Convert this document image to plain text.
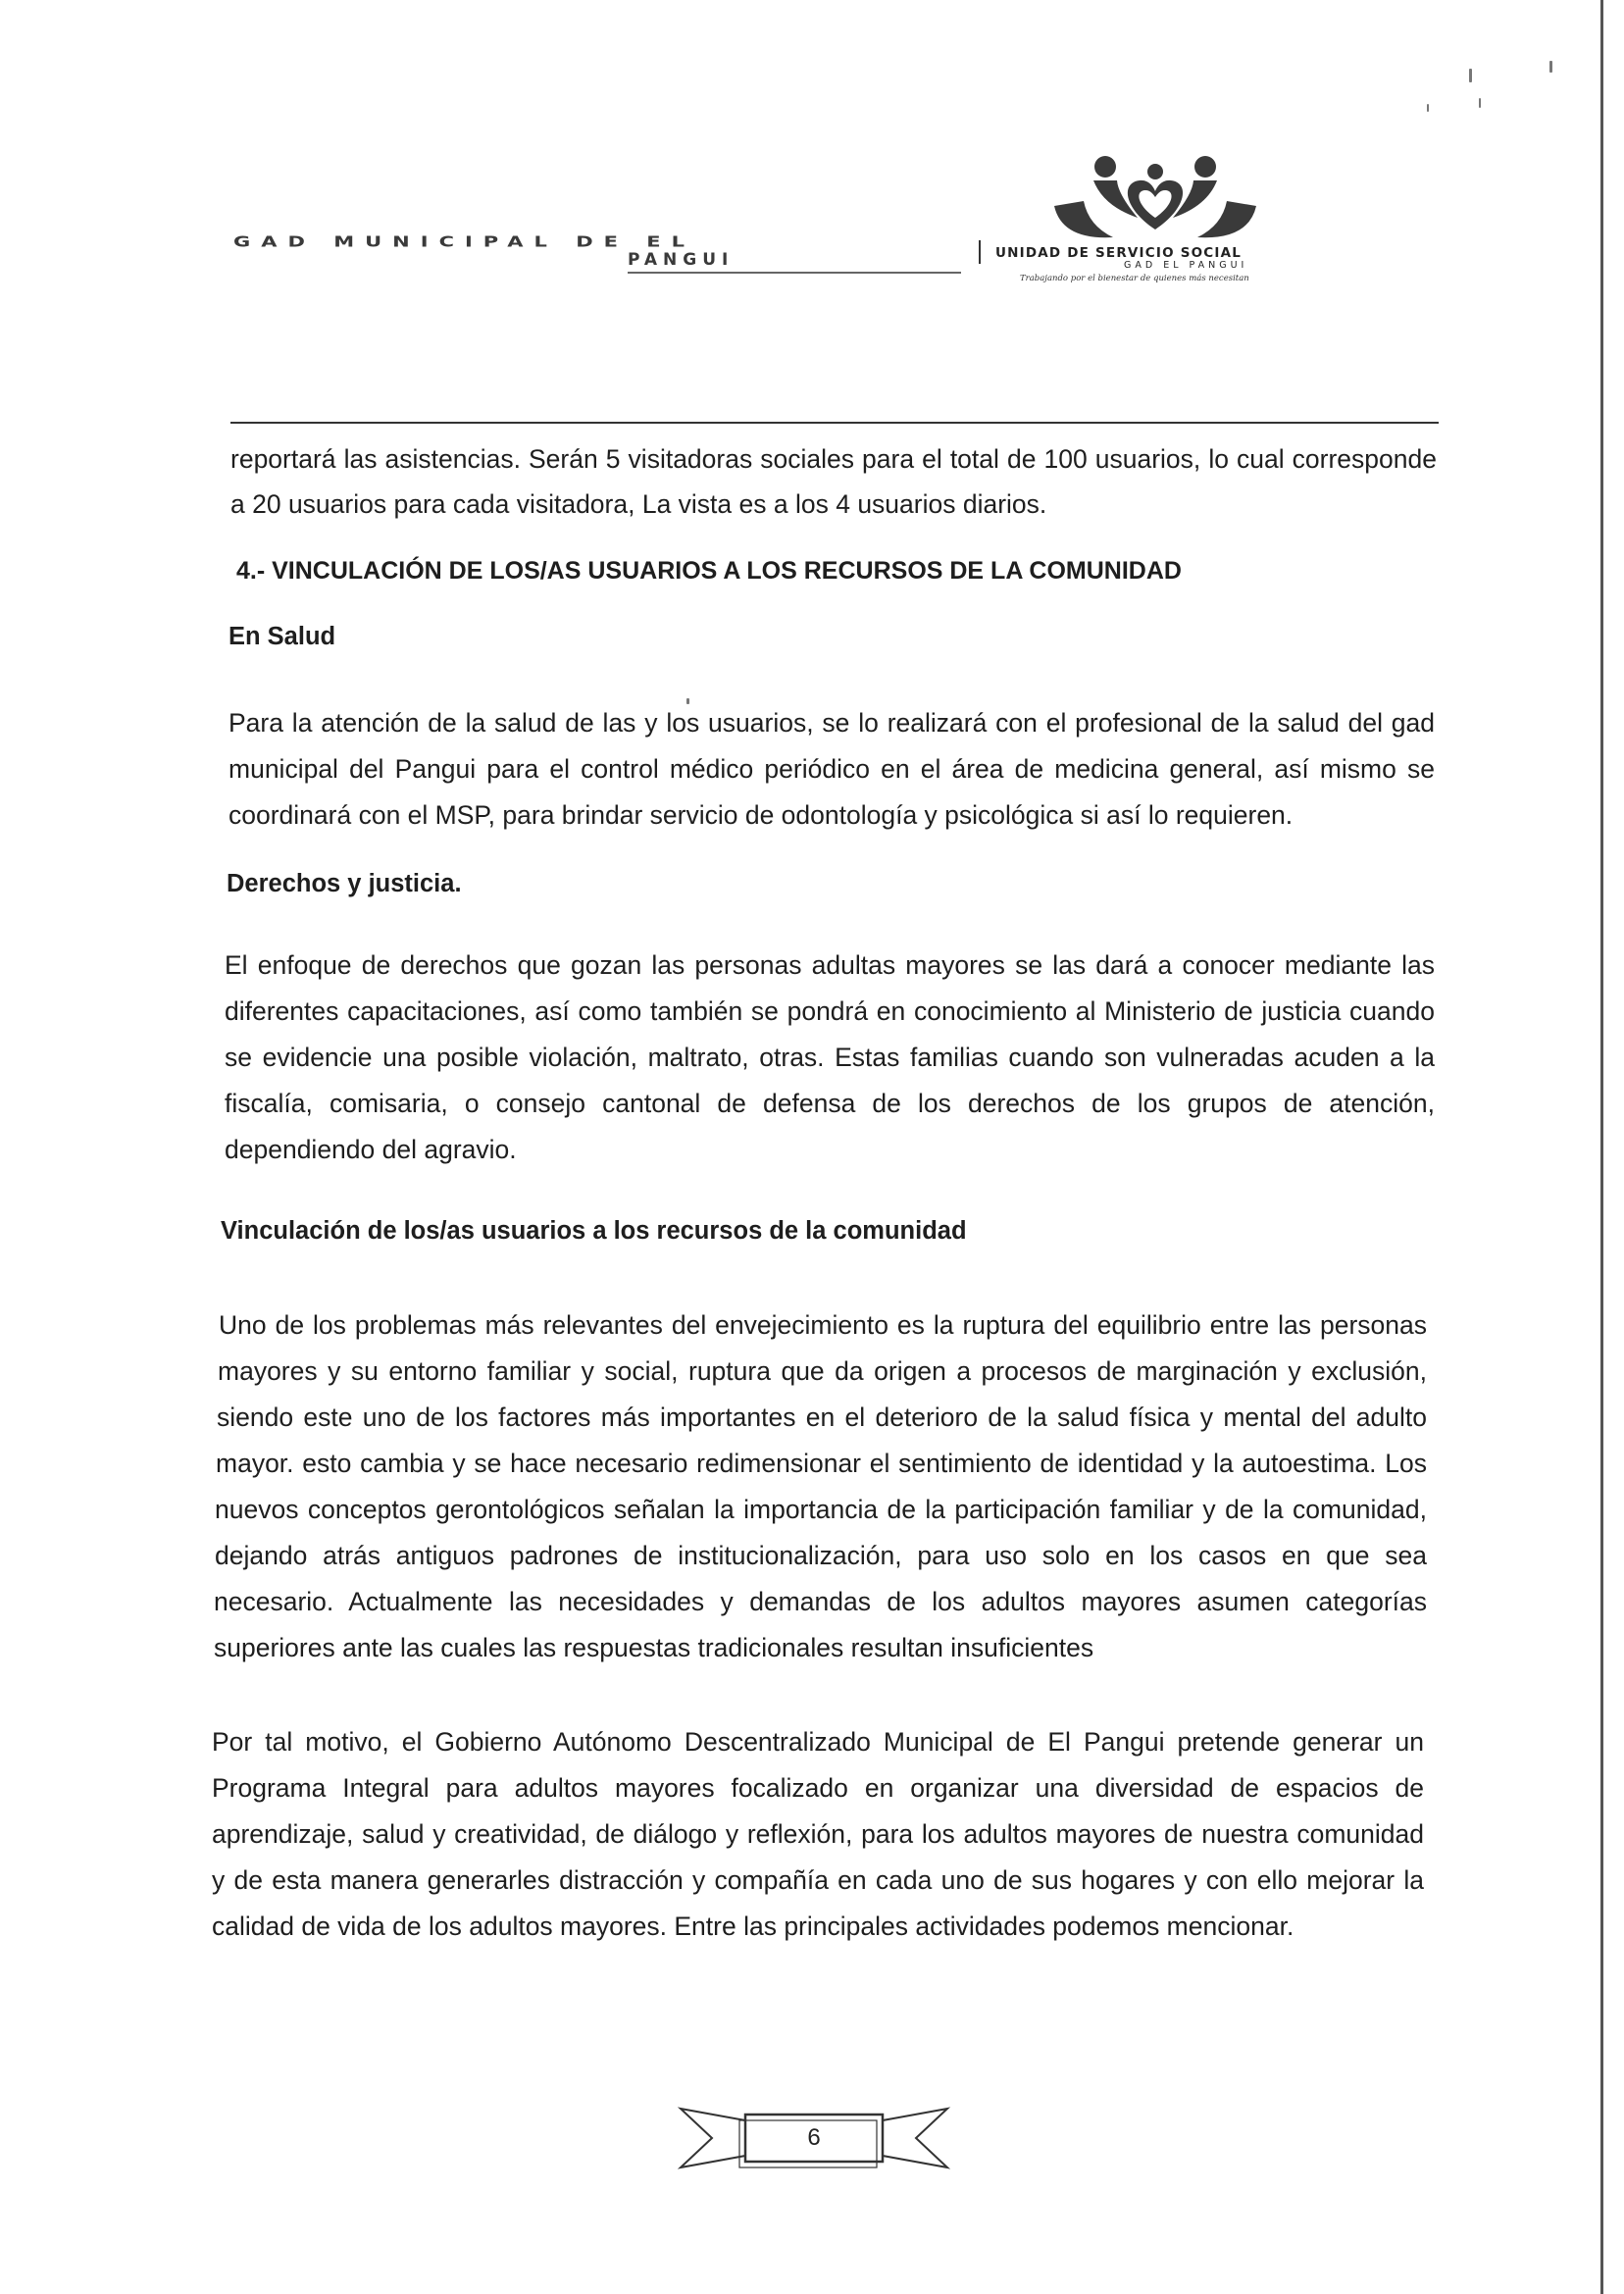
GAD MUNICIPAL DE EL
PANGUI	UNIDAD DE SERVICIO SOCIAL
GAD EL PANGUI
Trabajando por el bienestar de quienes más necesitan
reportará las asistencias. Serán 5 visitadoras sociales para el total de 100 usuarios, lo cual corresponde
a 20 usuarios para cada visitadora, La vista es a los 4 usuarios diarios.
4.- VINCULACIÓN DE LOS/AS USUARIOS A LOS RECURSOS DE LA COMUNIDAD
En Salud
Para la atención de la salud de las y los usuarios, se lo realizará con el profesional de la salud del gad
municipal del Pangui para el control médico periódico en el área de medicina general, así mismo se
coordinará con el MSP, para brindar servicio de odontología y psicológica si así lo requieren.
Derechos y justicia.
El enfoque de derechos que gozan las personas adultas mayores se las dará a conocer mediante las
diferentes capacitaciones, así como también se pondrá en conocimiento al Ministerio de justicia cuando
se evidencie una posible violación, maltrato, otras. Estas familias cuando son vulneradas acuden a la
fiscalía, comisaria, o consejo cantonal de defensa de los derechos de los grupos de atención,
dependiendo del agravio.
Vinculación de los/as usuarios a los recursos de la comunidad
Uno de los problemas más relevantes del envejecimiento es la ruptura del equilibrio entre las personas
mayores y su entorno familiar y social, ruptura que da origen a procesos de marginación y exclusión,
siendo este uno de los factores más importantes en el deterioro de la salud física y mental del adulto
mayor. esto cambia y se hace necesario redimensionar el sentimiento de identidad y la autoestima. Los
nuevos conceptos gerontológicos señalan la importancia de la participación familiar y de la comunidad,
dejando atrás antiguos padrones de institucionalización, para uso solo en los casos en que sea
necesario. Actualmente las necesidades y demandas de los adultos mayores asumen categorías
superiores ante las cuales las respuestas tradicionales resultan insuficientes
Por tal motivo, el Gobierno Autónomo Descentralizado Municipal de El Pangui pretende generar un
Programa Integral para adultos mayores focalizado en organizar una diversidad de espacios de
aprendizaje, salud y creatividad, de diálogo y reflexión, para los adultos mayores de nuestra comunidad
y de esta manera generarles distracción y compañía en cada uno de sus hogares y con ello mejorar la
calidad de vida de los adultos mayores. Entre las principales actividades podemos mencionar.
6
